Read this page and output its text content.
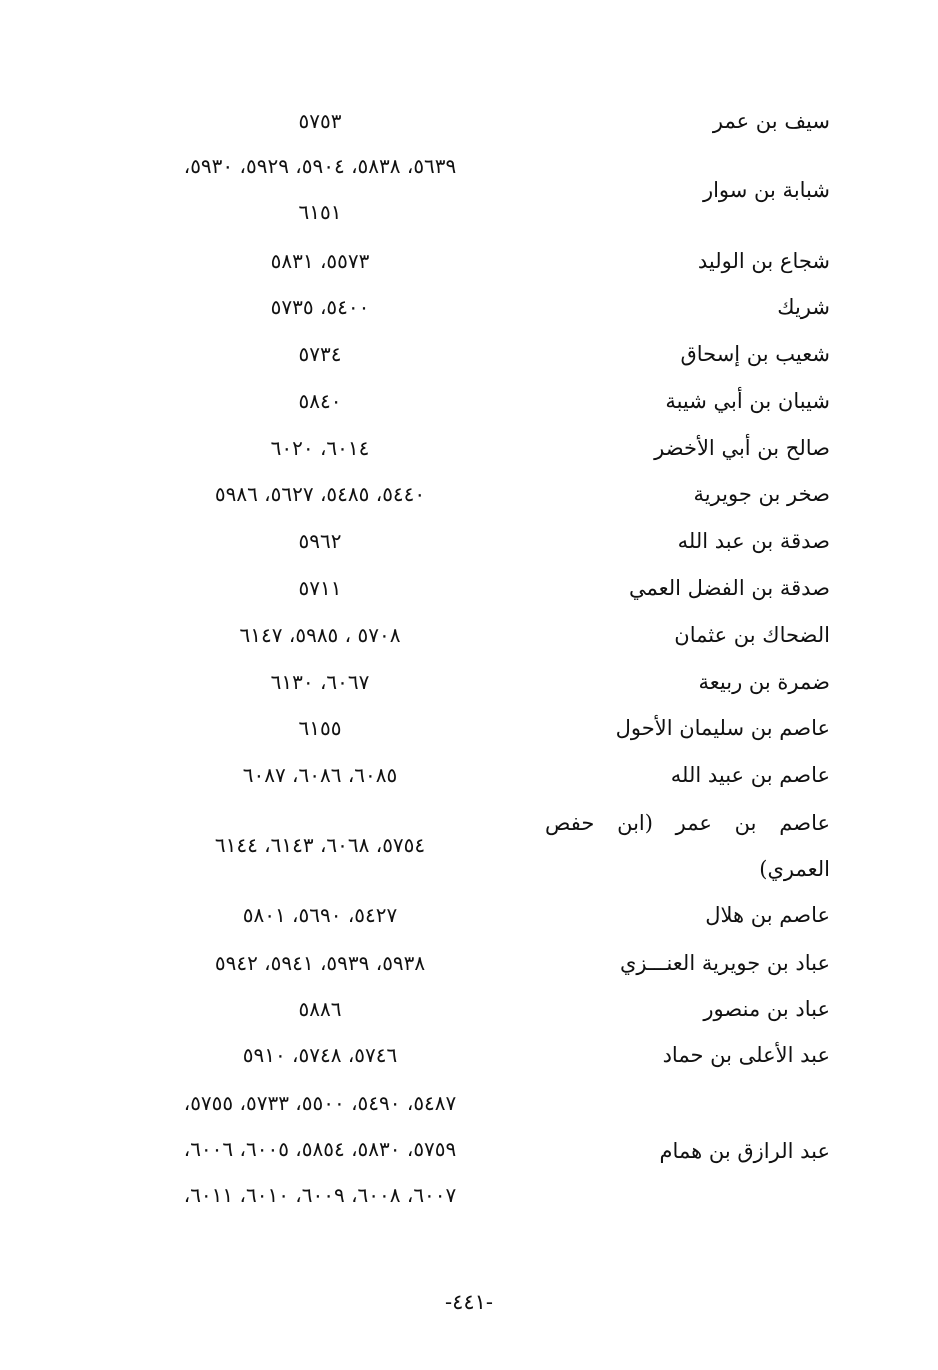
سيف بن عمر
٥٧٥٣
شبابة بن سوار
٥٦٣٩، ٥٨٣٨، ٥٩٠٤، ٥٩٢٩، ٥٩٣٠،
٦١٥١
شجاع بن الوليد
٥٥٧٣، ٥٨٣١
شريك
٥٤٠٠، ٥٧٣٥
شعيب بن إسحاق
٥٧٣٤
شيبان بن أبي شيبة
٥٨٤٠
صالح بن أبي الأخضر
٦٠١٤، ٦٠٢٠
صخر بن جويرية
٥٤٤٠، ٥٤٨٥، ٥٦٢٧، ٥٩٨٦
صدقة بن عبد الله
٥٩٦٢
صدقة بن الفضل العمي
٥٧١١
الضحاك بن عثمان
٥٧٠٨ ، ٥٩٨٥، ٦١٤٧
ضمرة بن ربيعة
٦٠٦٧، ٦١٣٠
عاصم بن سليمان الأحول
٦١٥٥
عاصم بن عبيد الله
٦٠٨٥، ٦٠٨٦، ٦٠٨٧
عاصم بن عمر (ابن حفص العمري)
٥٧٥٤، ٦٠٦٨، ٦١٤٣، ٦١٤٤
عاصم بن هلال
٥٤٢٧، ٥٦٩٠، ٥٨٠١
عباد بن جويرية العنـــزي
٥٩٣٨، ٥٩٣٩، ٥٩٤١، ٥٩٤٢
عباد بن منصور
٥٨٨٦
عبد الأعلى بن حماد
٥٧٤٦، ٥٧٤٨، ٥٩١٠
عبد الرازق بن همام
٥٤٨٧، ٥٤٩٠، ٥٥٠٠، ٥٧٣٣، ٥٧٥٥،
٥٧٥٩، ٥٨٣٠، ٥٨٥٤، ٦٠٠٥، ٦٠٠٦،
٦٠٠٧، ٦٠٠٨، ٦٠٠٩، ٦٠١٠، ٦٠١١،
-٤٤١-
